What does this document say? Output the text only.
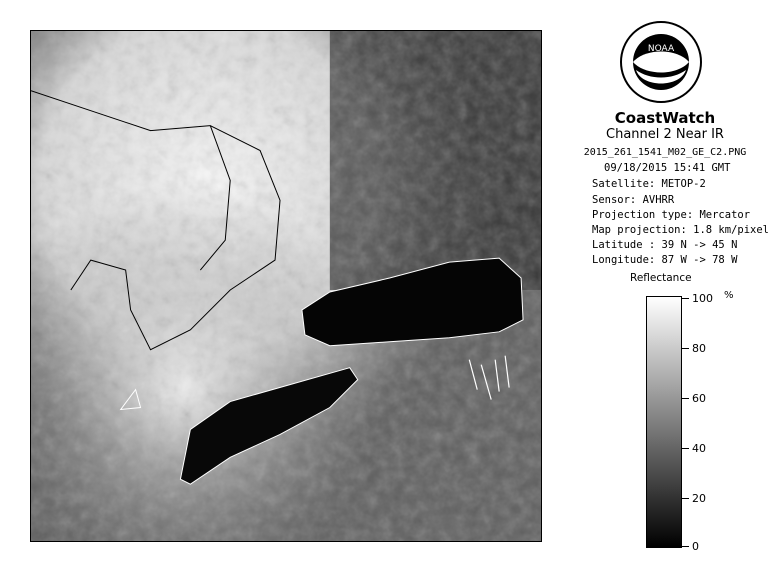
NOAA
CoastWatch
Channel 2 Near IR
2015_261_1541_M02_GE_C2.PNG
09/18/2015 15:41 GMT
Satellite: METOP-2
Sensor: AVHRR
Projection type: Mercator
Map projection: 1.8 km/pixel
Latitude : 39 N -> 45 N
Longitude: 87 W -> 78 W
Reflectance
%
100
80
60
40
20
0
